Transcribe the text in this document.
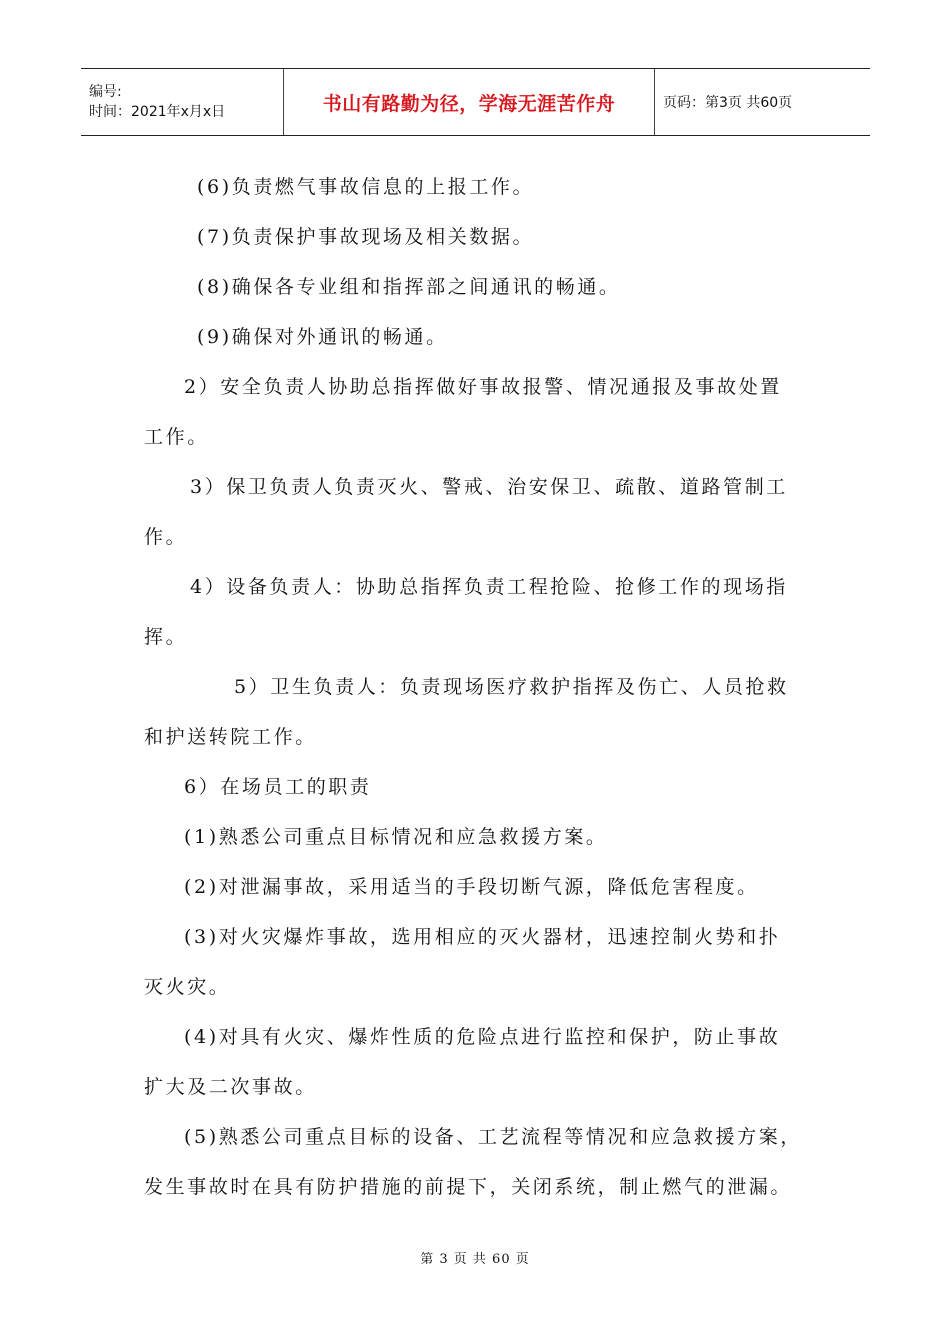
编号:
时间：2021年x月x日	书山有路勤为径，学海无涯苦作舟	页码：第3页 共60页
(6)负责燃气事故信息的上报工作。
(7)负责保护事故现场及相关数据。
(8)确保各专业组和指挥部之间通讯的畅通。
(9)确保对外通讯的畅通。
2）安全负责人协助总指挥做好事故报警、情况通报及事故处置
工作。
3）保卫负责人负责灭火、警戒、治安保卫、疏散、道路管制工
作。
4）设备负责人：协助总指挥负责工程抢险、抢修工作的现场指
挥。
5）卫生负责人：负责现场医疗救护指挥及伤亡、人员抢救
和护送转院工作。
6）在场员工的职责
(1)熟悉公司重点目标情况和应急救援方案。
(2)对泄漏事故，采用适当的手段切断气源，降低危害程度。
(3)对火灾爆炸事故，选用相应的灭火器材，迅速控制火势和扑
灭火灾。
(4)对具有火灾、爆炸性质的危险点进行监控和保护，防止事故
扩大及二次事故。
(5)熟悉公司重点目标的设备、工艺流程等情况和应急救援方案，
发生事故时在具有防护措施的前提下，关闭系统，制止燃气的泄漏。
第 3 页 共 60 页
